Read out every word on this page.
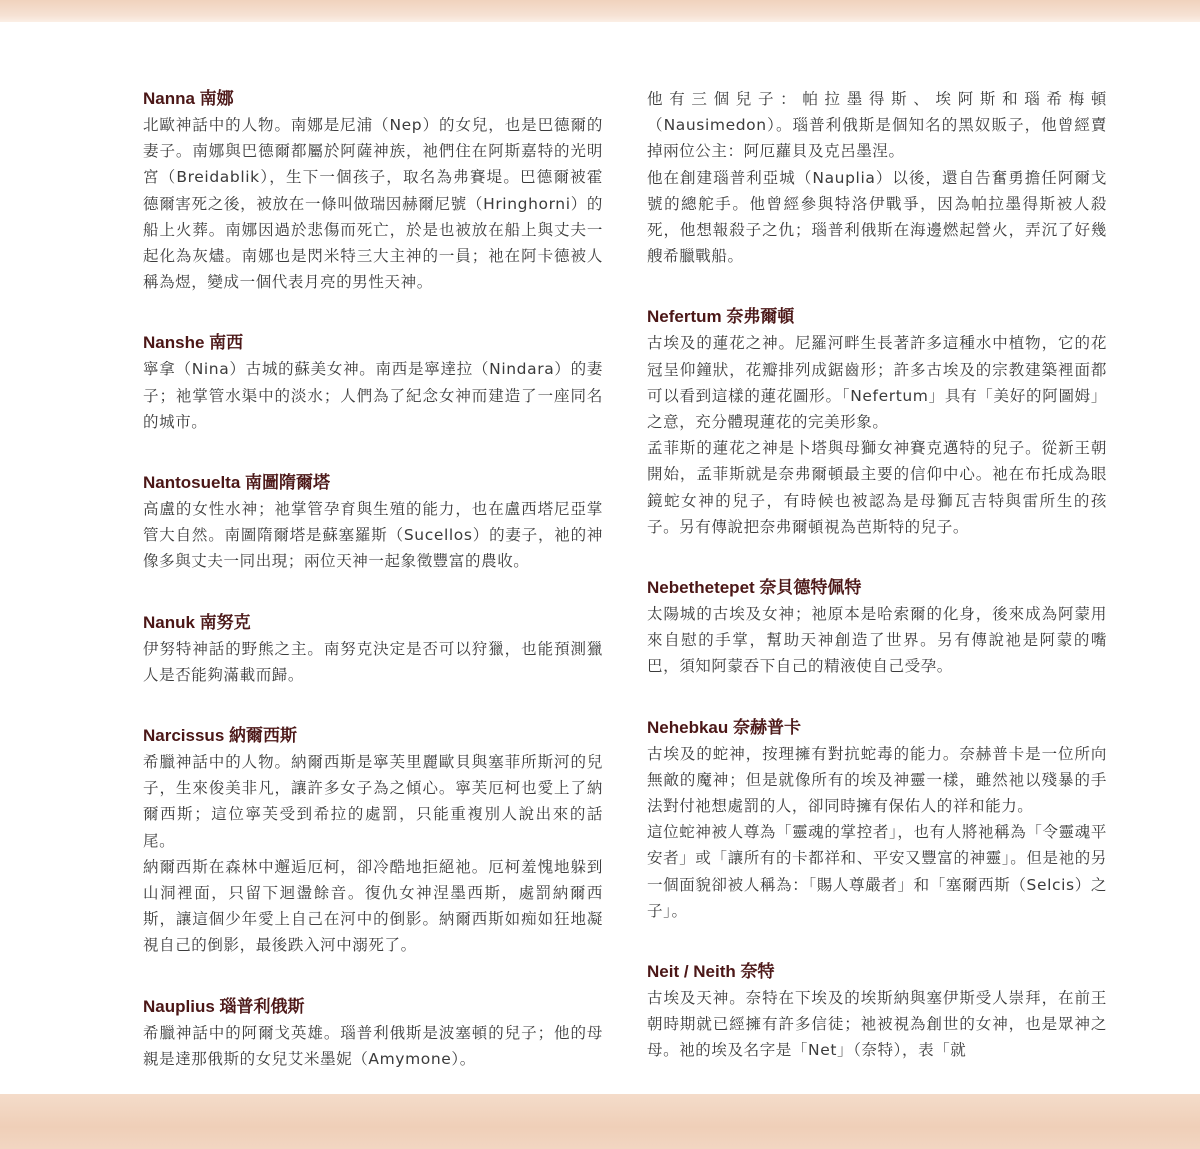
Nanna 南娜

北歐神話中的人物。南娜是尼浦（Nep）的女兒，也是巴德爾的妻子。南娜與巴德爾都屬於阿薩神族，祂們住在阿斯嘉特的光明宮（Breidablik），生下一個孩子，取名為弗賽堤。巴德爾被霍德爾害死之後，被放在一條叫做瑞因赫爾尼號（Hringhorni）的船上火葬。南娜因過於悲傷而死亡，於是也被放在船上與丈夫一起化為灰燼。南娜也是閃米特三大主神的一員；祂在阿卡德被人稱為煜，變成一個代表月亮的男性天神。

Nanshe 南西

寧拿（Nina）古城的蘇美女神。南西是寧達拉（Nindara）的妻子；祂掌管水渠中的淡水；人們為了紀念女神而建造了一座同名的城市。

Nantosuelta 南圖隋爾塔

高盧的女性水神；祂掌管孕育與生殖的能力，也在盧西塔尼亞掌管大自然。南圖隋爾塔是蘇塞羅斯（Sucellos）的妻子，祂的神像多與丈夫一同出現；兩位天神一起象徵豐富的農收。

Nanuk 南努克

伊努特神話的野熊之主。南努克決定是否可以狩獵，也能預測獵人是否能夠滿載而歸。

Narcissus 納爾西斯

希臘神話中的人物。納爾西斯是寧芙里麗歐貝與塞菲所斯河的兒子，生來俊美非凡，讓許多女子為之傾心。寧芙厄柯也愛上了納爾西斯；這位寧芙受到希拉的處罰，只能重複別人說出來的話尾。

納爾西斯在森林中邂逅厄柯，卻冷酷地拒絕祂。厄柯羞愧地躲到山洞裡面，只留下迴盪餘音。復仇女神涅墨西斯，處罰納爾西斯，讓這個少年愛上自己在河中的倒影。納爾西斯如痴如狂地凝視自己的倒影，最後跌入河中溺死了。

Nauplius 瑙普利俄斯

希臘神話中的阿爾戈英雄。瑙普利俄斯是波塞頓的兒子；他的母親是達那俄斯的女兒艾米墨妮（Amymone）。

他有三個兒子：帕拉墨得斯、埃阿斯和瑙希梅頓（Nausimedon）。瑙普利俄斯是個知名的黑奴販子，他曾經賣掉兩位公主：阿厄蘿貝及克呂墨涅。

他在創建瑙普利亞城（Nauplia）以後，還自告奮勇擔任阿爾戈號的總舵手。他曾經參與特洛伊戰爭，因為帕拉墨得斯被人殺死，他想報殺子之仇；瑙普利俄斯在海邊燃起營火，弄沉了好幾艘希臘戰船。

Nefertum 奈弗爾頓

古埃及的蓮花之神。尼羅河畔生長著許多這種水中植物，它的花冠呈仰鐘狀，花瓣排列成鋸齒形；許多古埃及的宗教建築裡面都可以看到這樣的蓮花圖形。「Nefertum」具有「美好的阿圖姆」之意，充分體現蓮花的完美形象。

孟菲斯的蓮花之神是卜塔與母獅女神賽克邁特的兒子。從新王朝開始，孟菲斯就是奈弗爾頓最主要的信仰中心。祂在布托成為眼鏡蛇女神的兒子，有時候也被認為是母獅瓦吉特與雷所生的孩子。另有傳說把奈弗爾頓視為芭斯特的兒子。

Nebethetepet 奈貝德特佩特

太陽城的古埃及女神；祂原本是哈索爾的化身，後來成為阿蒙用來自慰的手掌，幫助天神創造了世界。另有傳說祂是阿蒙的嘴巴，須知阿蒙吞下自己的精液使自己受孕。

Nehebkau 奈赫普卡

古埃及的蛇神，按理擁有對抗蛇毒的能力。奈赫普卡是一位所向無敵的魔神；但是就像所有的埃及神靈一樣，雖然祂以殘暴的手法對付祂想處罰的人，卻同時擁有保佑人的祥和能力。

這位蛇神被人尊為「靈魂的掌控者」，也有人將祂稱為「令靈魂平安者」或「讓所有的卡都祥和、平安又豐富的神靈」。但是祂的另一個面貌卻被人稱為：「賜人尊嚴者」和「塞爾西斯（Selcis）之子」。

Neit / Neith 奈特

古埃及天神。奈特在下埃及的埃斯納與塞伊斯受人崇拜，在前王朝時期就已經擁有許多信徒；祂被視為創世的女神，也是眾神之母。祂的埃及名字是「Net」（奈特），表「就
